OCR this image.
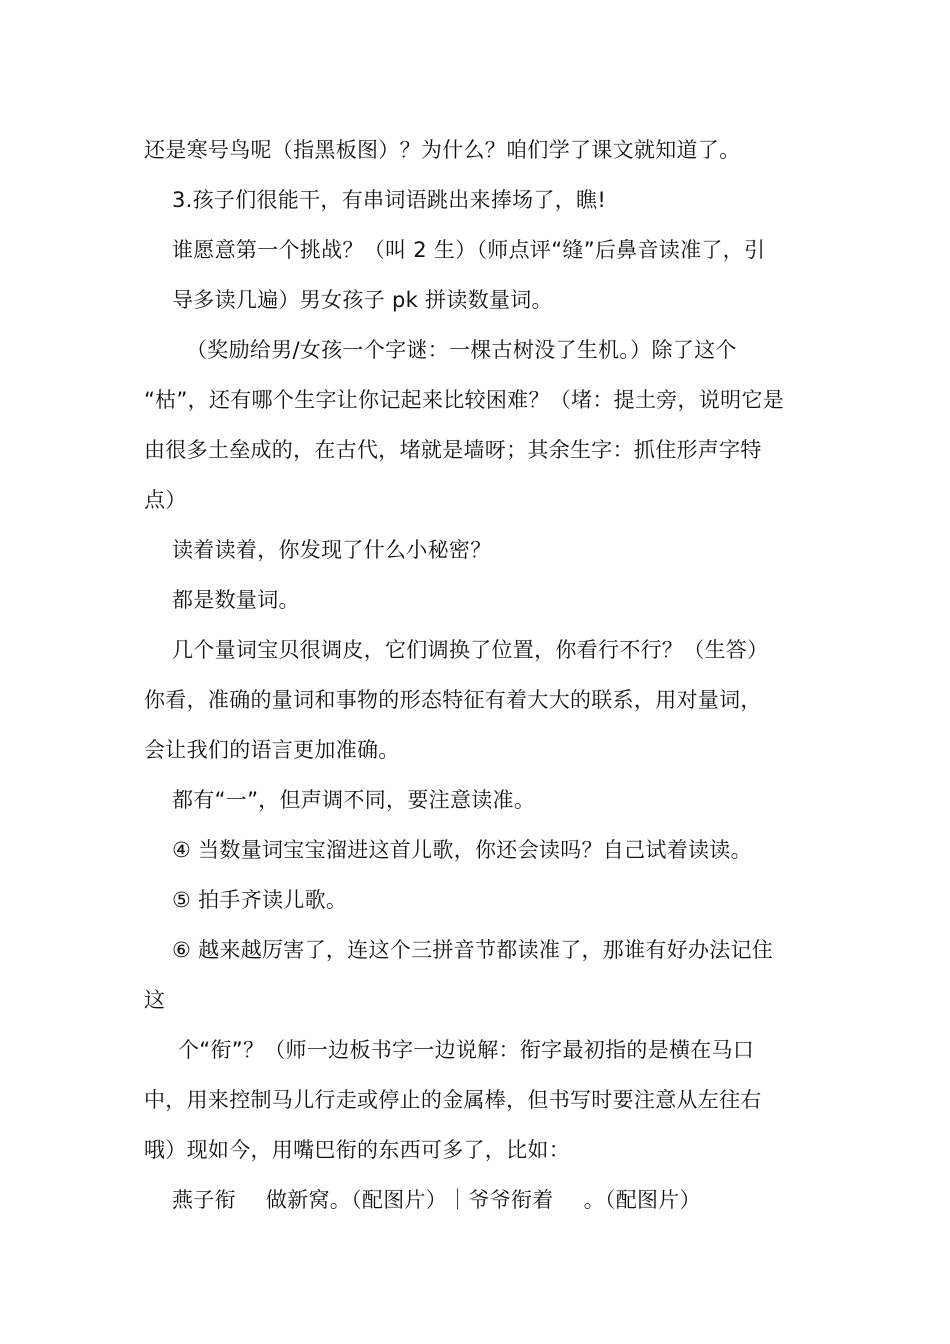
还是寒号鸟呢（指黑板图）？为什么？咱们学了课文就知道了。
3.孩子们很能干，有串词语跳出来捧场了，瞧!
谁愿意第一个挑战？（叫 2 生）（师点评“缝”后鼻音读准了，引
导多读几遍）男女孩子 pk 拼读数量词。
（奖励给男/女孩一个字谜：一棵古树没了生机。）除了这个
“枯”，还有哪个生字让你记起来比较困难？（堵：提土旁，说明它是
由很多土垒成的，在古代，堵就是墙呀；其余生字：抓住形声字特
点）
读着读着，你发现了什么小秘密？
都是数量词。
几个量词宝贝很调皮，它们调换了位置，你看行不行？（生答）
你看，准确的量词和事物的形态特征有着大大的联系，用对量词，
会让我们的语言更加准确。
都有“一”，但声调不同，要注意读准。
④ 当数量词宝宝溜进这首儿歌，你还会读吗？自己试着读读。
⑤ 拍手齐读儿歌。
⑥ 越来越厉害了，连这个三拼音节都读准了，那谁有好办法记住
这
个“衔”？（师一边板书字一边说解：衔字最初指的是横在马口
中，用来控制马儿行走或停止的金属棒，但书写时要注意从左往右
哦）现如今，用嘴巴衔的东西可多了，比如：
燕子衔 做新窝。（配图片）｜爷爷衔着 。（配图片）
